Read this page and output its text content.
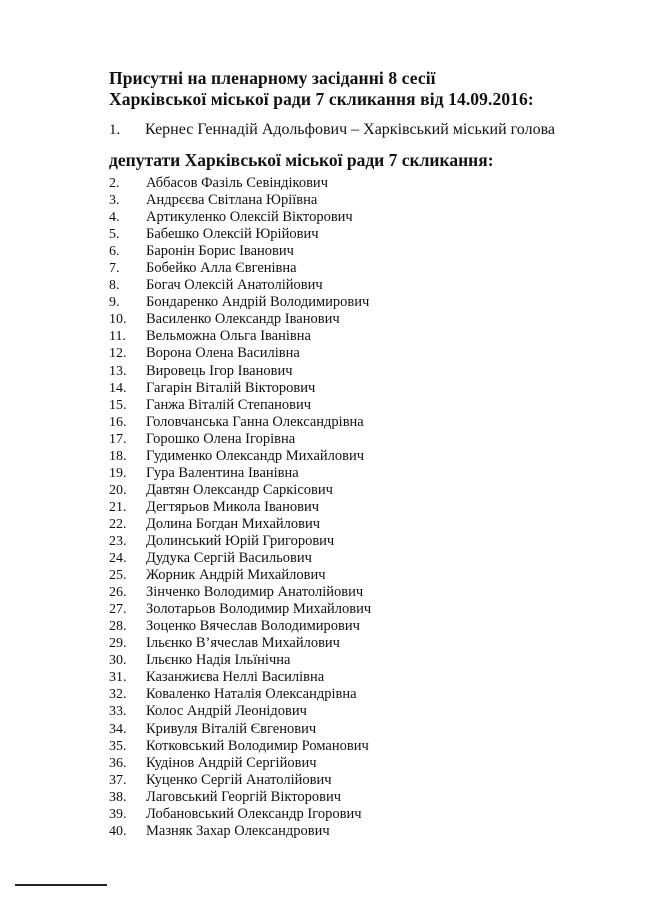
Присутні на пленарному засіданні 8 сесії
Харківської міської ради 7 скликання від 14.09.2016:
1. Кернес Геннадій Адольфович – Харківський міський голова
депутати Харківської міської ради 7 скликання:
2.	Аббасов Фазіль Севіндікович
3.	Андрєєва Світлана Юріївна
4.	Артикуленко Олексій Вікторович
5.	Бабешко Олексій Юрійович
6.	Баронін Борис Іванович
7.	Бобейко Алла Євгенівна
8.	Богач Олексій Анатолійович
9.	Бондаренко Андрій Володимирович
10.	Василенко Олександр Іванович
11.	Вельможна Ольга Іванівна
12.	Ворона Олена Василівна
13.	Вировець Ігор Іванович
14.	Гагарін Віталій Вікторович
15.	Ганжа Віталій Степанович
16.	Головчанська Ганна Олександрівна
17.	Горошко Олена Ігорівна
18.	Гудименко Олександр Михайлович
19.	Гура Валентина Іванівна
20.	Давтян Олександр Саркісович
21.	Дегтярьов Микола Іванович
22.	Долина Богдан Михайлович
23.	Долинський Юрій Григорович
24.	Дудука Сергій Васильович
25.	Жорник Андрій Михайлович
26.	Зінченко Володимир Анатолійович
27.	Золотарьов Володимир Михайлович
28.	Зоценко Вячеслав Володимирович
29.	Ільєнко В’ячеслав Михайлович
30.	Ільєнко Надія Ільїнічна
31.	Казанжиєва Неллі Василівна
32.	Коваленко Наталія Олександрівна
33.	Колос Андрій Леонідович
34.	Кривуля Віталій Євгенович
35.	Котковський Володимир Романович
36.	Кудінов Андрій Сергійович
37.	Куценко Сергій Анатолійович
38.	Лаговський Георгій Вікторович
39.	Лобановський Олександр Ігорович
40.	Мазняк Захар Олександрович
